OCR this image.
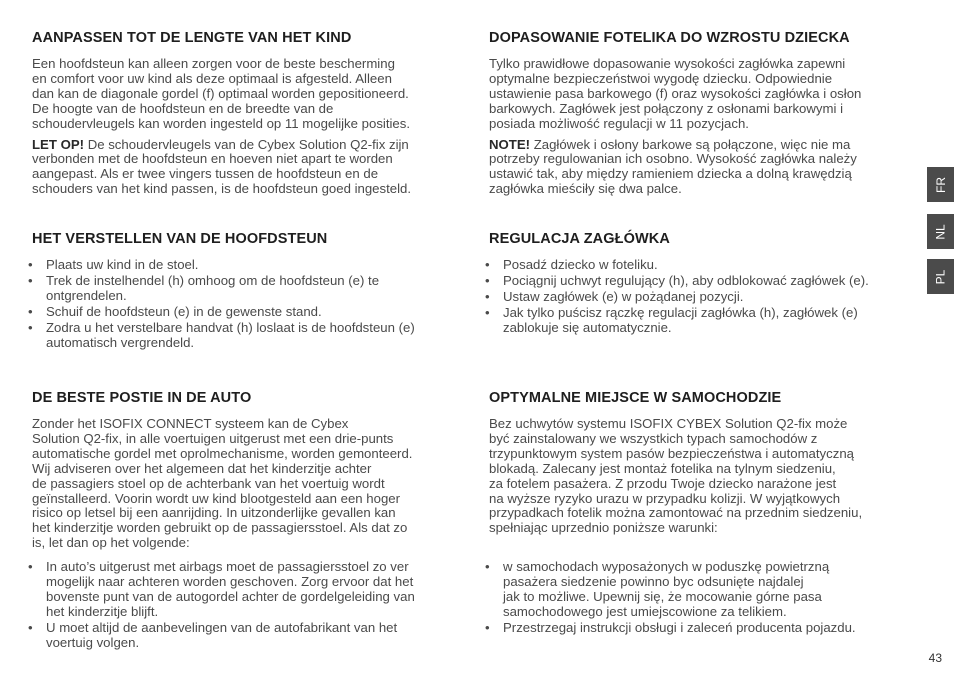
AANPASSEN TOT DE LENGTE VAN HET KIND

Een hoofdsteun kan alleen zorgen voor de beste bescherming
en comfort voor uw kind als deze optimaal is afgesteld. Alleen
dan kan de diagonale gordel (f) optimaal worden gepositioneerd.
De hoogte van de hoofdsteun en de breedte van de
schoudervleugels kan worden ingesteld op 11 mogelijke posities.

LET OP! De schoudervleugels van de Cybex Solution Q2-fix zijn
verbonden met de hoofdsteun en hoeven niet apart te worden
aangepast. Als er twee vingers tussen de hoofdsteun en de
schouders van het kind passen, is de hoofdsteun goed ingesteld.

HET VERSTELLEN VAN DE HOOFDSTEUN
• Plaats uw kind in de stoel.
• Trek de instelhendel (h) omhoog om de hoofdsteun (e) te
ontgrendelen.
• Schuif de hoofdsteun (e) in de gewenste stand.
• Zodra u het verstelbare handvat (h) loslaat is de hoofdsteun (e)
automatisch vergrendeld.
DE BESTE POSTIE IN DE AUTO

Zonder het ISOFIX CONNECT systeem kan de Cybex
Solution Q2-fix, in alle voertuigen uitgerust met een drie-punts
automatische gordel met oprolmechanisme, worden gemonteerd.
Wij adviseren over het algemeen dat het kinderzitje achter
de passagiers stoel op de achterbank van het voertuig wordt
geïnstalleerd. Voorin wordt uw kind blootgesteld aan een hoger
risico op letsel bij een aanrijding. In uitzonderlijke gevallen kan
het kinderzitje worden gebruikt op de passagiersstoel. Als dat zo
is, let dan op het volgende:

• In auto’s uitgerust met airbags moet de passagiersstoel zo ver
mogelijk naar achteren worden geschoven. Zorg ervoor dat het
bovenste punt van de autogordel achter de gordelgeleiding van
het kinderzitje blijft.
• U moet altijd de aanbevelingen van de autofabrikant van het
voertuig volgen.
DOPASOWANIE FOTELIKA DO WZROSTU DZIECKA

Tylko prawidłowe dopasowanie wysokości zagłówka zapewni
optymalne bezpieczeństwoi wygodę dziecku. Odpowiednie
ustawienie pasa barkowego (f) oraz wysokości zagłówka i osłon
barkowych. Zagłówek jest połączony z osłonami barkowymi i
posiada możliwość regulacji w 11 pozycjach.

NOTE! Zagłówek i osłony barkowe są połączone, więc nie ma
potrzeby regulowanian ich osobno. Wysokość zagłówka należy
ustawić tak, aby między ramieniem dziecka a dolną krawędzią
zagłówka mieściły się dwa palce.

REGULACJA ZAGŁÓWKA
• Posadź dziecko w foteliku.
• Pociągnij uchwyt regulujący (h), aby odblokować zagłówek (e).
• Ustaw zagłówek (e) w pożądanej pozycji.
• Jak tylko puścisz rączkę regulacji zagłówka (h), zagłówek (e)
zablokuje się automatycznie.
OPTYMALNE MIEJSCE W SAMOCHODZIE

Bez uchwytów systemu ISOFIX CYBEX Solution Q2-fix może
być zainstalowany we wszystkich typach samochodów z
trzypunktowym system pasów bezpieczeństwa i automatyczną
blokadą. Zalecany jest montaż fotelika na tylnym siedzeniu,
za fotelem pasażera. Z przodu Twoje dziecko narażone jest
na wyższe ryzyko urazu w przypadku kolizji. W wyjątkowych
przypadkach fotelik można zamontować na przednim siedzeniu,
spełniając uprzednio poniższe warunki:

• w samochodach wyposażonych w poduszkę powietrzną
pasażera siedzenie powinno byc odsunięte najdalej
jak to możliwe. Upewnij się, że mocowanie górne pasa
samochodowego jest umiejscowione za telikiem.
• Przestrzegaj instrukcji obsługi i zaleceń producenta pojazdu.
FR
NL
PL
43
